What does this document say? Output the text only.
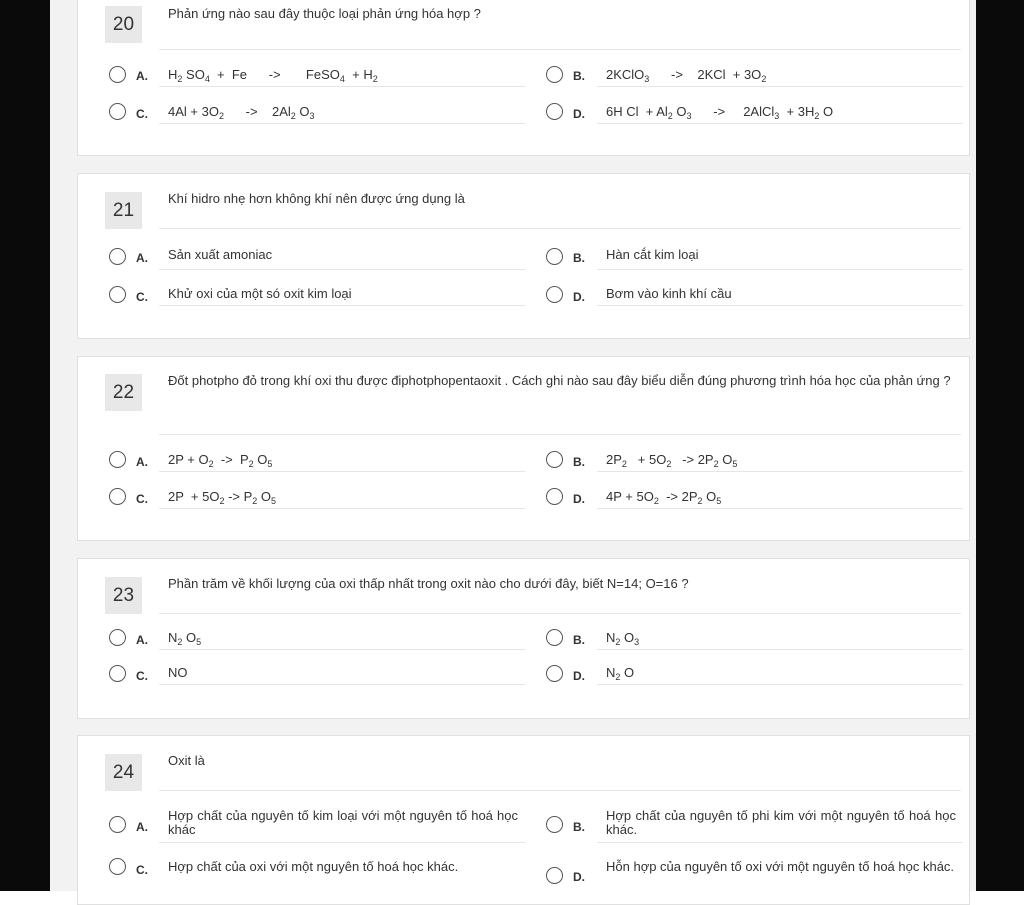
20	Phản ứng nào sau đây thuộc loại phản ứng hóa hợp ?
A. $H_2$ $SO_4 + Fe$      ->       FeSO$_4$  + $H_2$	B. 2KClO$_3$      ->    $2KCl + 3O_2$
C. $4Al + 3O_2$      ->    $2Al_2$ $O_3$	D. 6H $Cl + Al_2$ $O_3$      ->     2AlCl$_3$  + $3H_2$ O
21
Khí hidro nhẹ hơn không khí nên được ứng dụng là
A. Sản xuất amoniac	B. Hàn cắt kim loại
C. Khử oxi của một só oxit kim loại	D. Bơm vào kinh khí cầu
22
Đốt photpho đỏ trong khí oxi thu được điphotphopentaoxit . Cách ghi nào sau đây biểu diễn đúng phương trình hóa học của phản ứng ?
A. $2P + O_2 -> P_2$ $O_5$	B. $2P_2 + 5O_2 -> 2P_2$ $O_5$
C. $2P + 5O_2 -> P_2$ $O_5$	D. $4P + 5O_2 -> 2P_2$ $O_5$
23
Phần trăm về khối lượng của oxi thấp nhất trong oxit nào cho dưới đây, biết N=14; O=16 ?
A. $N_2$ $O_5$	B. $N_2$ $O_3$
C. NO	D. $N_2$ O
24
Oxit là
A.
Hợp chất của nguyên tố kim loại với một nguyên tố hoá học khác	B.
Hợp chất của nguyên tố phi kim với một nguyên tố hoá học khác.
C. Hợp chất của oxi với một nguyên tố hoá học khác.
D.
Hỗn hợp của nguyên tố oxi với một nguyên tố hoá học khác.
